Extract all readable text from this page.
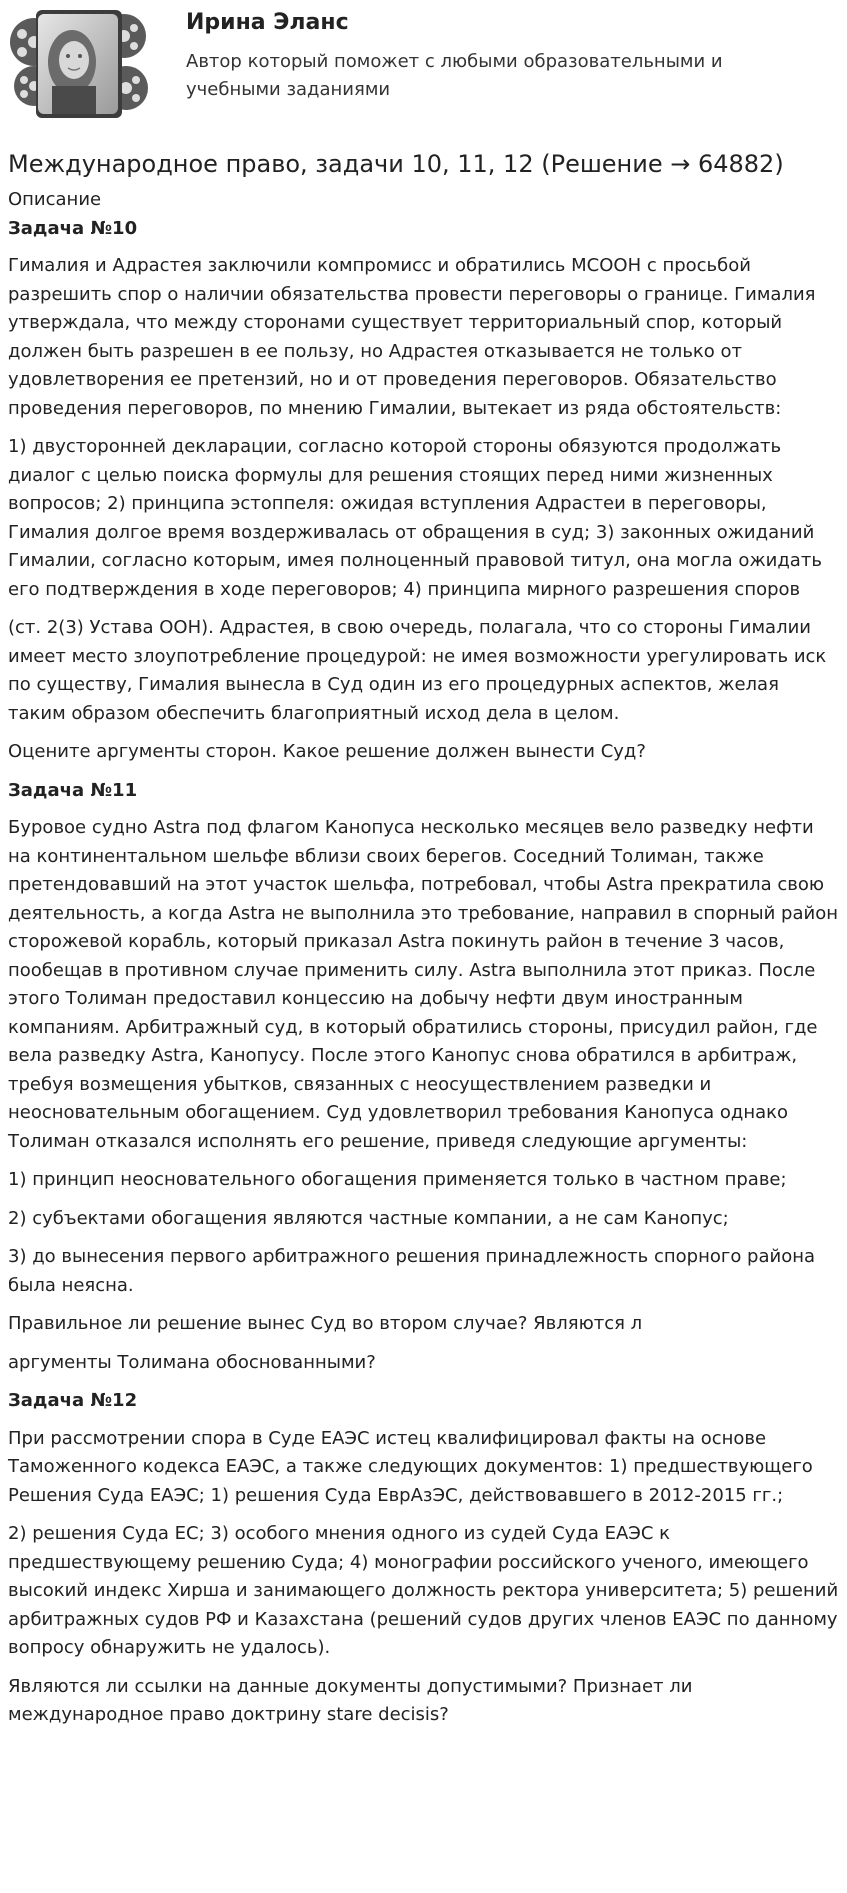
Ирина Эланс
Автор который поможет с любыми образовательными и учебными заданиями
Международное право, задачи 10, 11, 12 (Решение → 64882)
Описание
Задача №10

Гималия и Адрастея заключили компромисс и обратились МСООН с просьбой разрешить спор о наличии обязательства провести переговоры о границе. Гималия утверждала, что между сторонами существует территориальный спор, который должен быть разрешен в ее пользу, но Адрастея отказывается не только от удовлетворения ее претензий, но и от проведения переговоров. Обязательство проведения переговоров, по мнению Гималии, вытекает из ряда обстоятельств:

1) двусторонней декларации, согласно которой стороны обязуются продолжать диалог с целью поиска формулы для решения стоящих перед ними жизненных вопросов; 2) принципа эстоппеля: ожидая вступления Адрастеи в переговоры, Гималия долгое время воздерживалась от обращения в суд; 3) законных ожиданий Гималии, согласно которым, имея полноценный правовой титул, она могла ожидать его подтверждения в ходе переговоров; 4) принципа мирного разрешения споров

(ст. 2(3) Устава ООН). Адрастея, в свою очередь, полагала, что со стороны Гималии имеет место злоупотребление процедурой: не имея возможности урегулировать иск по существу, Гималия вынесла в Суд один из его процедурных аспектов, желая таким образом обеспечить благоприятный исход дела в целом.

Оцените аргументы сторон. Какое решение должен вынести Суд?

Задача №11

Буровое судно Astra под флагом Канопуса несколько месяцев вело разведку нефти на континентальном шельфе вблизи своих берегов. Соседний Толиман, также претендовавший на этот участок шельфа, потребовал, чтобы Astra прекратила свою деятельность, а когда Astra не выполнила это требование, направил в спорный район сторожевой корабль, который приказал Astra покинуть район в течение 3 часов, пообещав в противном случае применить силу. Astra выполнила этот приказ. После этого Толиман предоставил концессию на добычу нефти двум иностранным компаниям. Арбитражный суд, в который обратились стороны, присудил район, где вела разведку Astra, Канопусу. После этого Канопус снова обратился в арбитраж, требуя возмещения убытков, связанных с неосуществлением разведки и неосновательным обогащением. Суд удовлетворил требования Канопуса однако Толиман отказался исполнять его решение, приведя следующие аргументы:

1) принцип неосновательного обогащения применяется только в частном праве;

2) субъектами обогащения являются частные компании, а не сам Канопус;

3) до вынесения первого арбитражного решения принадлежность спорного района была неясна.

Правильное ли решение вынес Суд во втором случае? Являются л

аргументы Толимана обоснованными?

Задача №12

При рассмотрении спора в Суде ЕАЭС истец квалифицировал факты на основе Таможенного кодекса ЕАЭС, а также следующих документов: 1) предшествующего Решения Суда ЕАЭС; 1) решения Суда ЕврАзЭС, действовавшего в 2012-2015 гг.;

2) решения Суда ЕС; 3) особого мнения одного из судей Суда ЕАЭС к предшествующему решению Суда; 4) монографии российского ученого, имеющего высокий индекс Хирша и занимающего должность ректора университета; 5) решений арбитражных судов РФ и Казахстана (решений судов других членов ЕАЭС по данному вопросу обнаружить не удалось).

Являются ли ссылки на данные документы допустимыми? Признает ли международное право доктрину stare decisis?
